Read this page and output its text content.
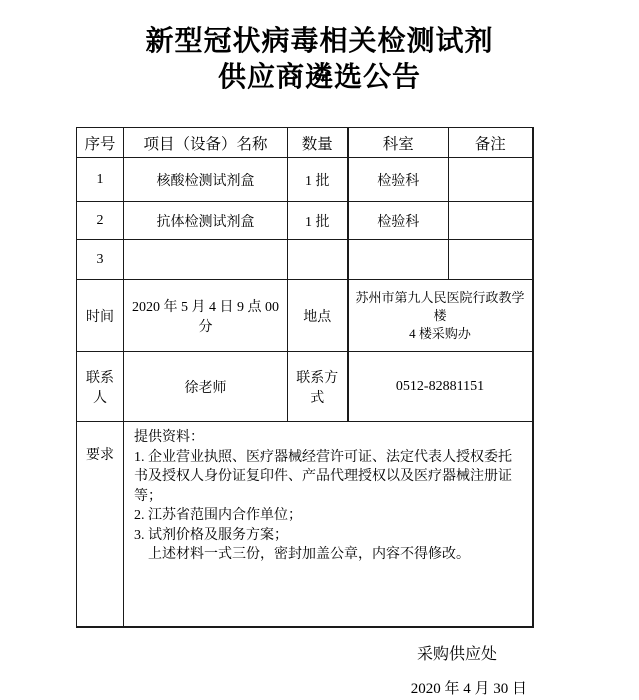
新型冠状病毒相关检测试剂
供应商遴选公告
序号	项目（设备）名称	数量	科室	备注
1	核酸检测试剂盒	1 批	检验科	
2	抗体检测试剂盒	1 批	检验科	
3				
时间	2020 年 5 月 4 日 9 点 00 分	地点	苏州市第九人民医院行政教学楼
4 楼采购办	

联系人	徐老师	联系方式	0512-82881151	
要求	提供资料：
1. 企业营业执照、医疗器械经营许可证、法定代表人授权委托书及授权人身份证复印件、产品代理授权以及医疗器械注册证等；
2. 江苏省范围内合作单位；
3. 试剂价格及服务方案；
上述材料一式三份，密封加盖公章，内容不得修改。			
采购供应处
2020 年 4 月 30 日
